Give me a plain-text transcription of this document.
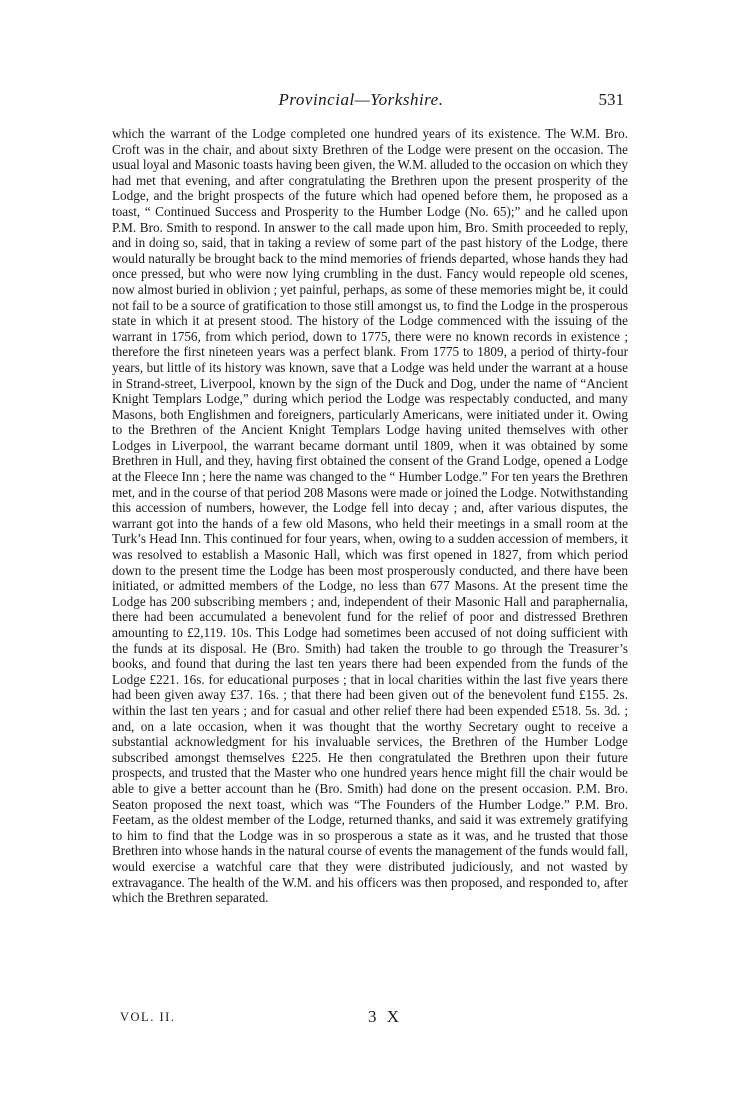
Provincial—Yorkshire.	531
which the warrant of the Lodge completed one hundred years of its existence. The W.M. Bro. Croft was in the chair, and about sixty Brethren of the Lodge were present on the occasion. The usual loyal and Masonic toasts having been given, the W.M. alluded to the occasion on which they had met that evening, and after congratulating the Brethren upon the present prosperity of the Lodge, and the bright prospects of the future which had opened before them, he proposed as a toast, “ Continued Success and Prosperity to the Humber Lodge (No. 65);” and he called upon P.M. Bro. Smith to respond. In answer to the call made upon him, Bro. Smith proceeded to reply, and in doing so, said, that in taking a review of some part of the past history of the Lodge, there would naturally be brought back to the mind memories of friends departed, whose hands they had once pressed, but who were now lying crumbling in the dust. Fancy would repeople old scenes, now almost buried in oblivion ; yet painful, perhaps, as some of these memories might be, it could not fail to be a source of gratification to those still amongst us, to find the Lodge in the prosperous state in which it at present stood. The history of the Lodge commenced with the issuing of the warrant in 1756, from which period, down to 1775, there were no known records in existence ; therefore the first nineteen years was a perfect blank. From 1775 to 1809, a period of thirty-four years, but little of its history was known, save that a Lodge was held under the warrant at a house in Strand-street, Liverpool, known by the sign of the Duck and Dog, under the name of “Ancient Knight Templars Lodge,” during which period the Lodge was respectably conducted, and many Masons, both Englishmen and foreigners, particularly Americans, were initiated under it. Owing to the Brethren of the Ancient Knight Templars Lodge having united themselves with other Lodges in Liverpool, the warrant became dormant until 1809, when it was obtained by some Brethren in Hull, and they, having first obtained the consent of the Grand Lodge, opened a Lodge at the Fleece Inn ; here the name was changed to the “ Humber Lodge.” For ten years the Brethren met, and in the course of that period 208 Masons were made or joined the Lodge. Notwithstanding this accession of numbers, however, the Lodge fell into decay ; and, after various disputes, the warrant got into the hands of a few old Masons, who held their meetings in a small room at the Turk’s Head Inn. This continued for four years, when, owing to a sudden accession of members, it was resolved to establish a Masonic Hall, which was first opened in 1827, from which period down to the present time the Lodge has been most prosperously conducted, and there have been initiated, or admitted members of the Lodge, no less than 677 Masons. At the present time the Lodge has 200 subscribing members ; and, independent of their Masonic Hall and paraphernalia, there had been accumulated a benevolent fund for the relief of poor and distressed Brethren amounting to £2,119. 10s. This Lodge had sometimes been accused of not doing sufficient with the funds at its disposal. He (Bro. Smith) had taken the trouble to go through the Treasurer’s books, and found that during the last ten years there had been expended from the funds of the Lodge £221. 16s. for educational purposes ; that in local charities within the last five years there had been given away £37. 16s. ; that there had been given out of the benevolent fund £155. 2s. within the last ten years ; and for casual and other relief there had been expended £518. 5s. 3d. ; and, on a late occasion, when it was thought that the worthy Secretary ought to receive a substantial acknowledgment for his invaluable services, the Brethren of the Humber Lodge subscribed amongst themselves £225. He then congratulated the Brethren upon their future prospects, and trusted that the Master who one hundred years hence might fill the chair would be able to give a better account than he (Bro. Smith) had done on the present occasion. P.M. Bro. Seaton proposed the next toast, which was “The Founders of the Humber Lodge.” P.M. Bro. Feetam, as the oldest member of the Lodge, returned thanks, and said it was extremely gratifying to him to find that the Lodge was in so prosperous a state as it was, and he trusted that those Brethren into whose hands in the natural course of events the management of the funds would fall, would exercise a watchful care that they were distributed judiciously, and not wasted by extravagance. The health of the W.M. and his officers was then proposed, and responded to, after which the Brethren separated.
VOL. II.	3 X
